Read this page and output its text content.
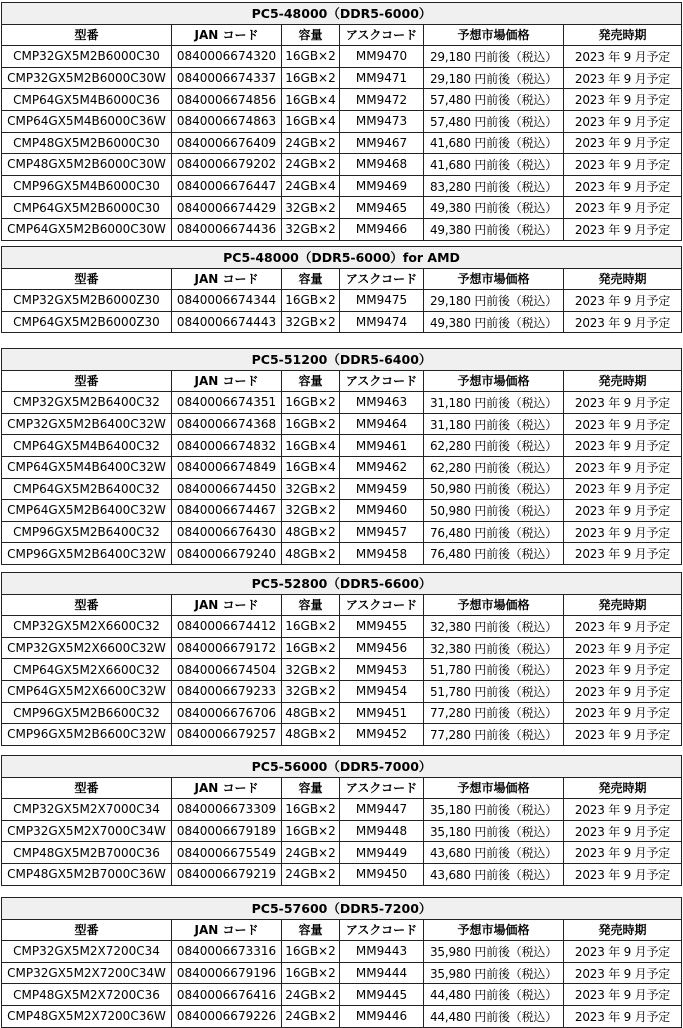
PC5-48000（DDR5-6000）					
型番	JAN コード	容量	アスクコード	予想市場価格	発売時期
CMP32GX5M2B6000C30	0840006674320	16GB×2	MM9470	29,180 円前後（税込）	2023 年 9 月予定
CMP32GX5M2B6000C30W	0840006674337	16GB×2	MM9471	29,180 円前後（税込）	2023 年 9 月予定
CMP64GX5M4B6000C36	0840006674856	16GB×4	MM9472	57,480 円前後（税込）	2023 年 9 月予定
CMP64GX5M4B6000C36W	0840006674863	16GB×4	MM9473	57,480 円前後（税込）	2023 年 9 月予定
CMP48GX5M2B6000C30	0840006676409	24GB×2	MM9467	41,680 円前後（税込）	2023 年 9 月予定
CMP48GX5M2B6000C30W	0840006679202	24GB×2	MM9468	41,680 円前後（税込）	2023 年 9 月予定
CMP96GX5M4B6000C30	0840006676447	24GB×4	MM9469	83,280 円前後（税込）	2023 年 9 月予定
CMP64GX5M2B6000C30	0840006674429	32GB×2	MM9465	49,380 円前後（税込）	2023 年 9 月予定
CMP64GX5M2B6000C30W	0840006674436	32GB×2	MM9466	49,380 円前後（税込）	2023 年 9 月予定
PC5-48000（DDR5-6000）for AMD					
型番	JAN コード	容量	アスクコード	予想市場価格	発売時期
CMP32GX5M2B6000Z30	0840006674344	16GB×2	MM9475	29,180 円前後（税込）	2023 年 9 月予定
CMP64GX5M2B6000Z30	0840006674443	32GB×2	MM9474	49,380 円前後（税込）	2023 年 9 月予定
PC5-51200（DDR5-6400）					
型番	JAN コード	容量	アスクコード	予想市場価格	発売時期
CMP32GX5M2B6400C32	0840006674351	16GB×2	MM9463	31,180 円前後（税込）	2023 年 9 月予定
CMP32GX5M2B6400C32W	0840006674368	16GB×2	MM9464	31,180 円前後（税込）	2023 年 9 月予定
CMP64GX5M4B6400C32	0840006674832	16GB×4	MM9461	62,280 円前後（税込）	2023 年 9 月予定
CMP64GX5M4B6400C32W	0840006674849	16GB×4	MM9462	62,280 円前後（税込）	2023 年 9 月予定
CMP64GX5M2B6400C32	0840006674450	32GB×2	MM9459	50,980 円前後（税込）	2023 年 9 月予定
CMP64GX5M2B6400C32W	0840006674467	32GB×2	MM9460	50,980 円前後（税込）	2023 年 9 月予定
CMP96GX5M2B6400C32	0840006676430	48GB×2	MM9457	76,480 円前後（税込）	2023 年 9 月予定
CMP96GX5M2B6400C32W	0840006679240	48GB×2	MM9458	76,480 円前後（税込）	2023 年 9 月予定
PC5-52800（DDR5-6600）					
型番	JAN コード	容量	アスクコード	予想市場価格	発売時期
CMP32GX5M2X6600C32	0840006674412	16GB×2	MM9455	32,380 円前後（税込）	2023 年 9 月予定
CMP32GX5M2X6600C32W	0840006679172	16GB×2	MM9456	32,380 円前後（税込）	2023 年 9 月予定
CMP64GX5M2X6600C32	0840006674504	32GB×2	MM9453	51,780 円前後（税込）	2023 年 9 月予定
CMP64GX5M2X6600C32W	0840006679233	32GB×2	MM9454	51,780 円前後（税込）	2023 年 9 月予定
CMP96GX5M2B6600C32	0840006676706	48GB×2	MM9451	77,280 円前後（税込）	2023 年 9 月予定
CMP96GX5M2B6600C32W	0840006679257	48GB×2	MM9452	77,280 円前後（税込）	2023 年 9 月予定
PC5-56000（DDR5-7000）					
型番	JAN コード	容量	アスクコード	予想市場価格	発売時期
CMP32GX5M2X7000C34	0840006673309	16GB×2	MM9447	35,180 円前後（税込）	2023 年 9 月予定
CMP32GX5M2X7000C34W	0840006679189	16GB×2	MM9448	35,180 円前後（税込）	2023 年 9 月予定
CMP48GX5M2B7000C36	0840006675549	24GB×2	MM9449	43,680 円前後（税込）	2023 年 9 月予定
CMP48GX5M2B7000C36W	0840006679219	24GB×2	MM9450	43,680 円前後（税込）	2023 年 9 月予定
PC5-57600（DDR5-7200）					
型番	JAN コード	容量	アスクコード	予想市場価格	発売時期
CMP32GX5M2X7200C34	0840006673316	16GB×2	MM9443	35,980 円前後（税込）	2023 年 9 月予定
CMP32GX5M2X7200C34W	0840006679196	16GB×2	MM9444	35,980 円前後（税込）	2023 年 9 月予定
CMP48GX5M2X7200C36	0840006676416	24GB×2	MM9445	44,480 円前後（税込）	2023 年 9 月予定
CMP48GX5M2X7200C36W	0840006679226	24GB×2	MM9446	44,480 円前後（税込）	2023 年 9 月予定
